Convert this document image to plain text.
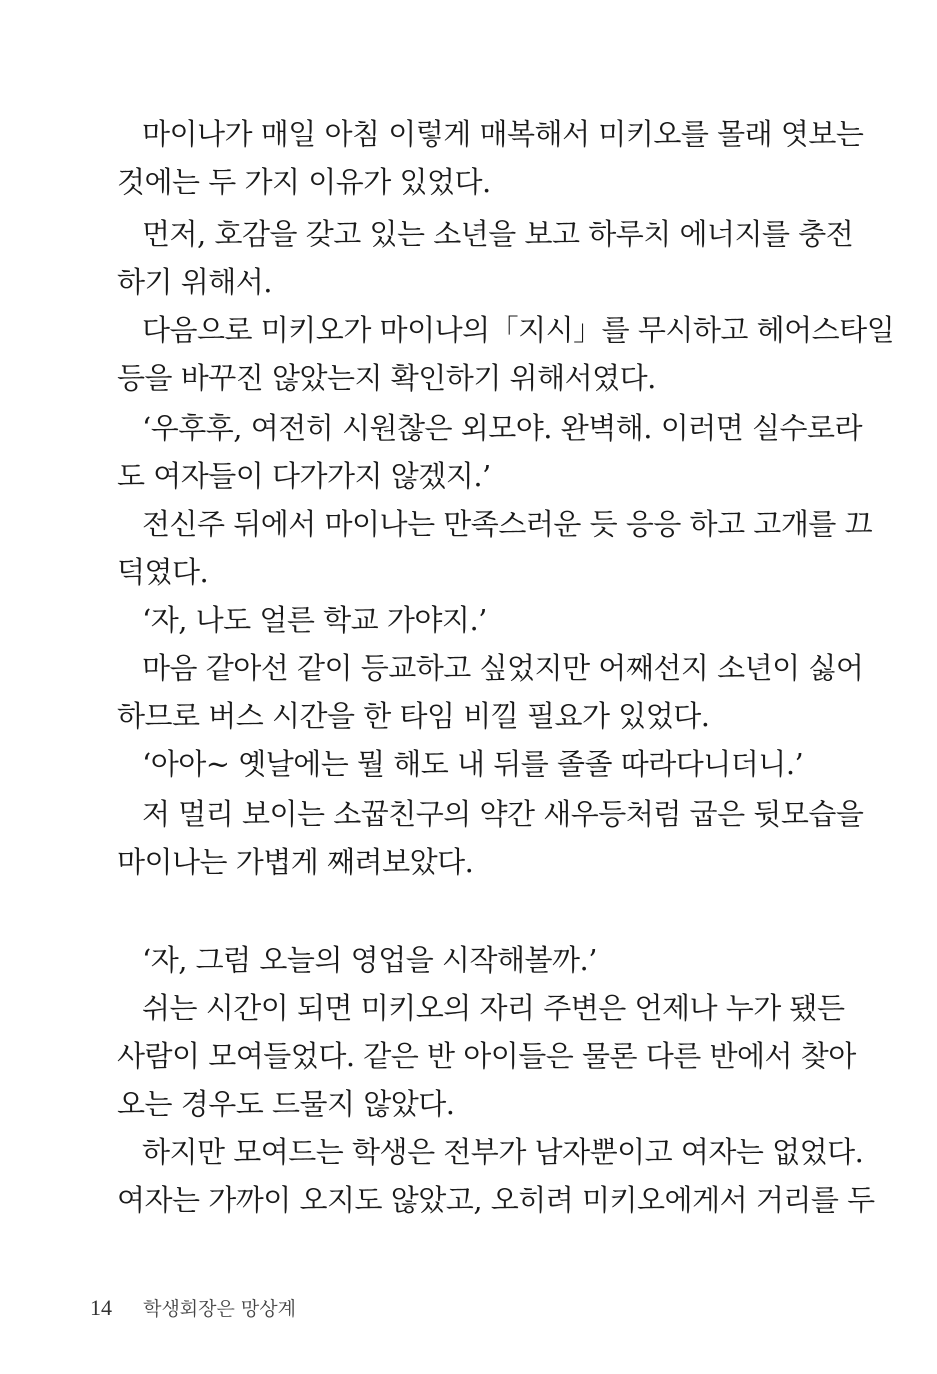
마이나가 매일 아침 이렇게 매복해서 미키오를 몰래 엿보는
것에는 두 가지 이유가 있었다.
먼저, 호감을 갖고 있는 소년을 보고 하루치 에너지를 충전
하기 위해서.
다음으로 미키오가 마이나의「지시」를 무시하고 헤어스타일
등을 바꾸진 않았는지 확인하기 위해서였다.
‘우후후, 여전히 시원찮은 외모야. 완벽해. 이러면 실수로라
도 여자들이 다가가지 않겠지.’
전신주 뒤에서 마이나는 만족스러운 듯 응응 하고 고개를 끄
덕였다.
‘자, 나도 얼른 학교 가야지.’
마음 같아선 같이 등교하고 싶었지만 어째선지 소년이 싫어
하므로 버스 시간을 한 타임 비낄 필요가 있었다.
‘아아~ 옛날에는 뭘 해도 내 뒤를 졸졸 따라다니더니.’
저 멀리 보이는 소꿉친구의 약간 새우등처럼 굽은 뒷모습을
마이나는 가볍게 째려보았다.
‘자, 그럼 오늘의 영업을 시작해볼까.’
쉬는 시간이 되면 미키오의 자리 주변은 언제나 누가 됐든
사람이 모여들었다. 같은 반 아이들은 물론 다른 반에서 찾아
오는 경우도 드물지 않았다.
하지만 모여드는 학생은 전부가 남자뿐이고 여자는 없었다.
여자는 가까이 오지도 않았고, 오히려 미키오에게서 거리를 두
14 학생회장은 망상계
